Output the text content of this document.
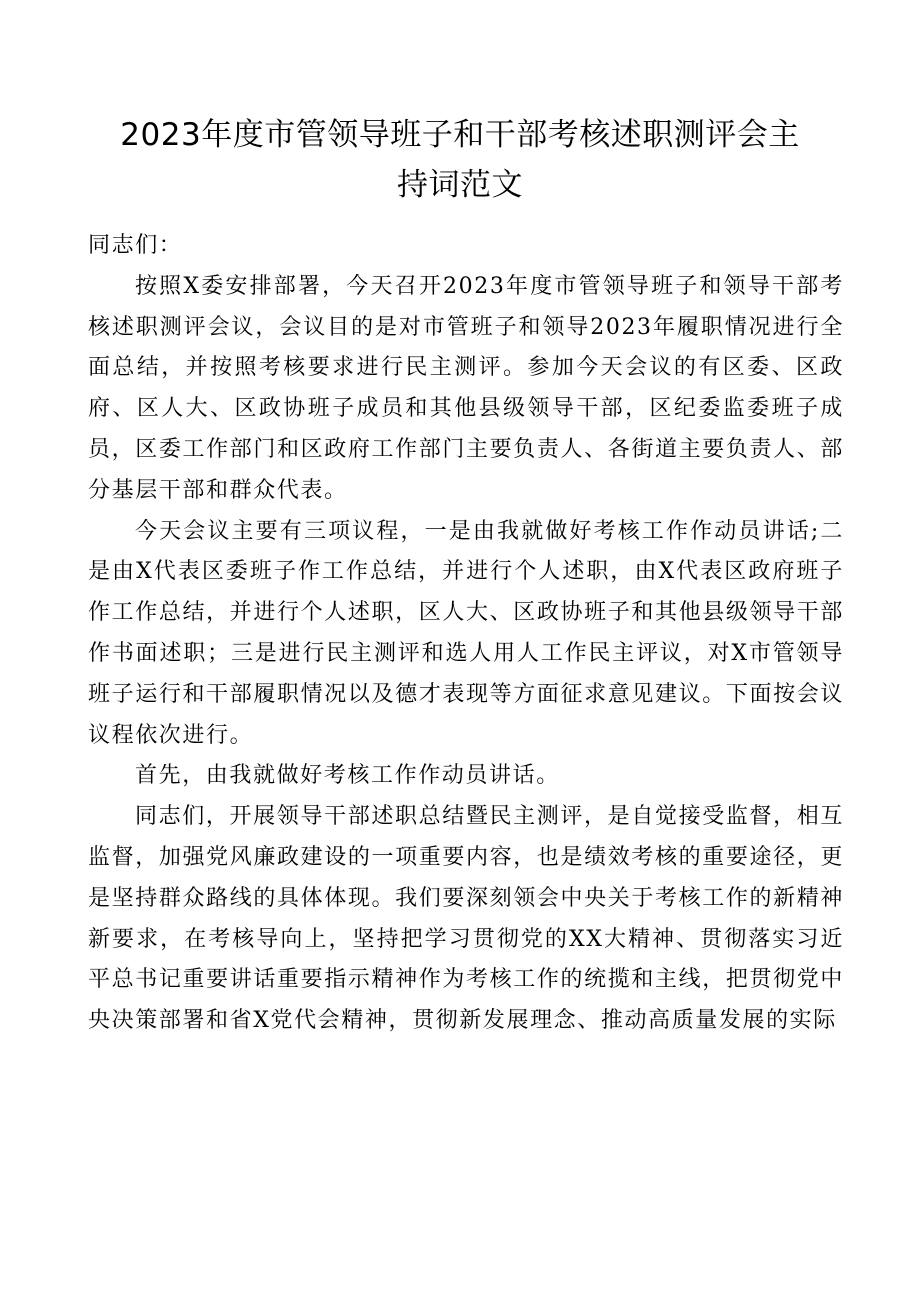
2023年度市管领导班子和干部考核述职测评会主
持词范文

同志们：

按照X委安排部署，今天召开2023年度市管领导班子和领导干部考核述职测评会议，会议目的是对市管班子和领导2023年履职情况进行全面总结，并按照考核要求进行民主测评。参加今天会议的有区委、区政府、区人大、区政协班子成员和其他县级领导干部，区纪委监委班子成员，区委工作部门和区政府工作部门主要负责人、各街道主要负责人、部分基层干部和群众代表。

今天会议主要有三项议程，一是由我就做好考核工作作动员讲话;二是由X代表区委班子作工作总结，并进行个人述职，由X代表区政府班子作工作总结，并进行个人述职，区人大、区政协班子和其他县级领导干部作书面述职；三是进行民主测评和选人用人工作民主评议，对X市管领导班子运行和干部履职情况以及德才表现等方面征求意见建议。下面按会议议程依次进行。

首先，由我就做好考核工作作动员讲话。

同志们，开展领导干部述职总结暨民主测评，是自觉接受监督，相互监督，加强党风廉政建设的一项重要内容，也是绩效考核的重要途径，更是坚持群众路线的具体体现。我们要深刻领会中央关于考核工作的新精神新要求，在考核导向上，坚持把学习贯彻党的XX大精神、贯彻落实习近平总书记重要讲话重要指示精神作为考核工作的统揽和主线，把贯彻党中央决策部署和省X党代会精神，贯彻新发展理念、推动高质量发展的实际
